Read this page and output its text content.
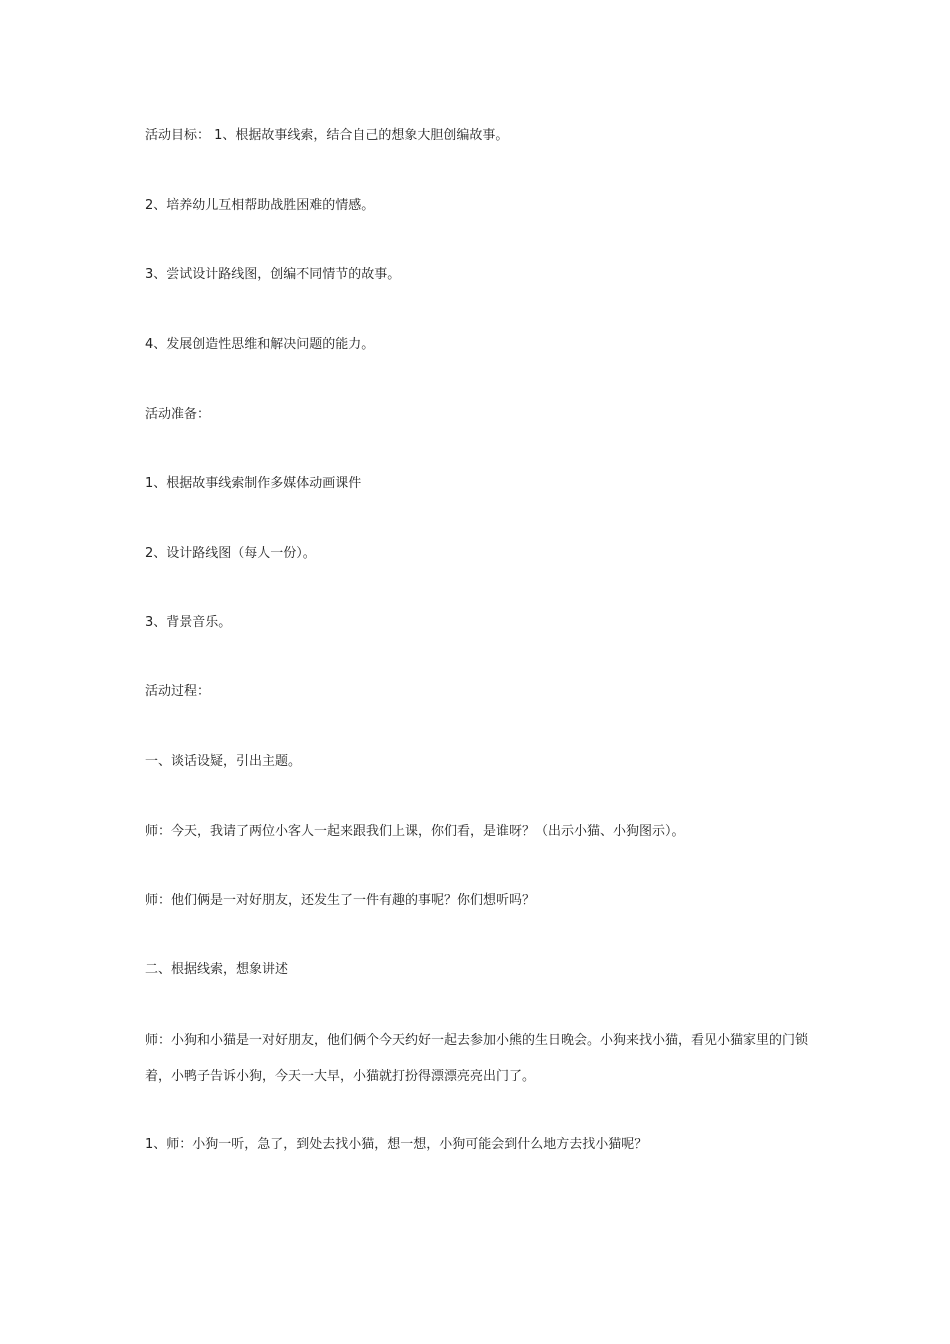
活动目标： 1、根据故事线索，结合自己的想象大胆创编故事。

2、培养幼儿互相帮助战胜困难的情感。

3、尝试设计路线图，创编不同情节的故事。

4、发展创造性思维和解决问题的能力。

活动准备：

1、根据故事线索制作多媒体动画课件

2、设计路线图（每人一份）。

3、背景音乐。

活动过程：

一、谈话设疑，引出主题。

师：今天，我请了两位小客人一起来跟我们上课，你们看，是谁呀？（出示小猫、小狗图示）。

师：他们俩是一对好朋友，还发生了一件有趣的事呢？你们想听吗？

二、根据线索，想象讲述

师：小狗和小猫是一对好朋友，他们俩个今天约好一起去参加小熊的生日晚会。小狗来找小猫，看见小猫家里的门锁着，小鸭子告诉小狗，今天一大早，小猫就打扮得漂漂亮亮出门了。

1、师：小狗一听，急了，到处去找小猫，想一想，小狗可能会到什么地方去找小猫呢？
